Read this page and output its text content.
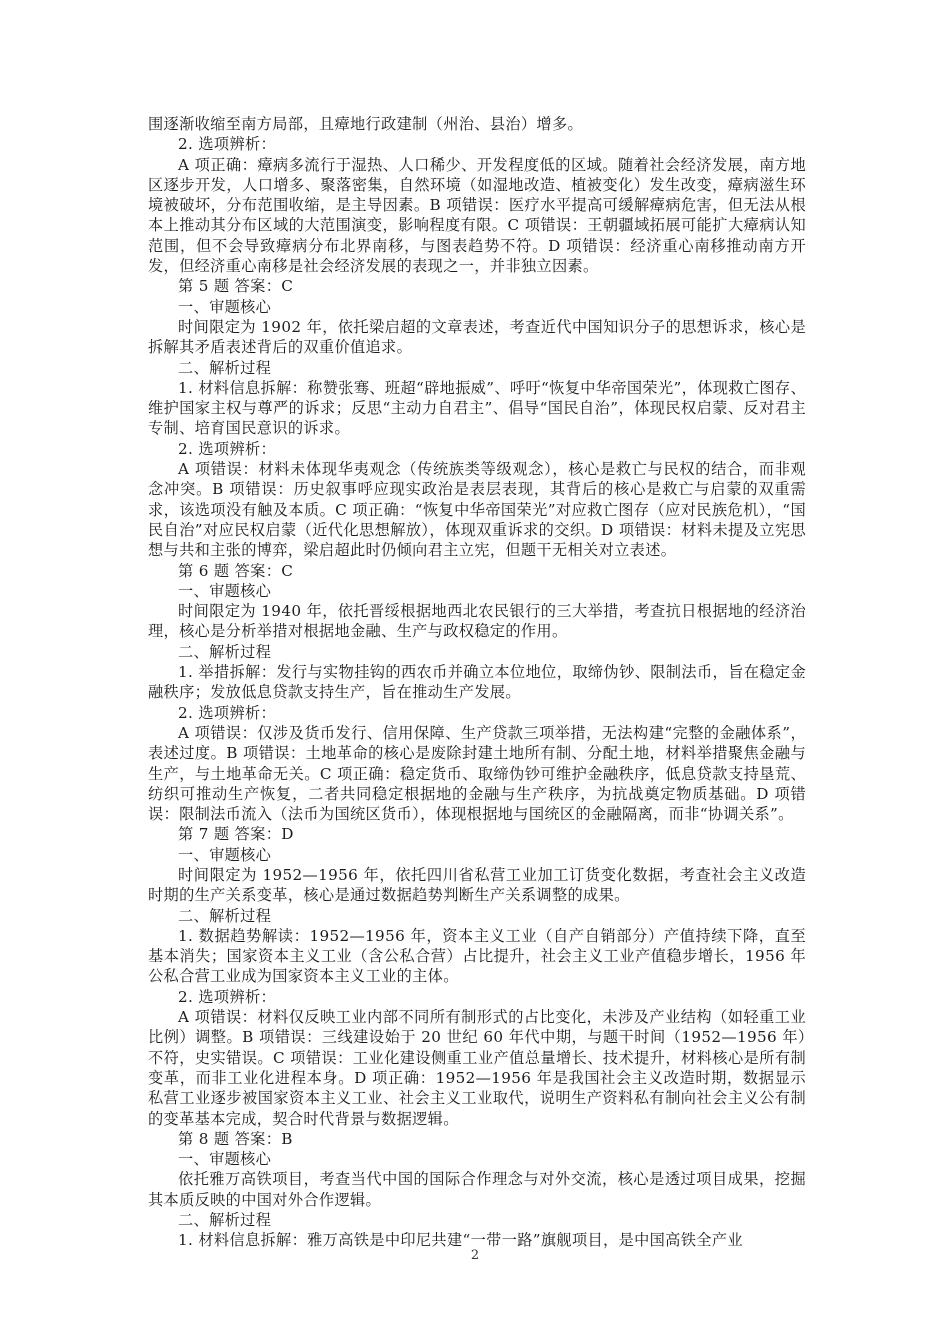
围逐渐收缩至南方局部，且瘴地行政建制（州治、县治）增多。

2. 选项辨析：

A 项正确：瘴病多流行于湿热、人口稀少、开发程度低的区域。随着社会经济发展，南方地区逐步开发，人口增多、聚落密集，自然环境（如湿地改造、植被变化）发生改变，瘴病滋生环境被破坏，分布范围收缩，是主导因素。B 项错误：医疗水平提高可缓解瘴病危害，但无法从根本上推动其分布区域的大范围演变，影响程度有限。C 项错误：王朝疆域拓展可能扩大瘴病认知范围，但不会导致瘴病分布北界南移，与图表趋势不符。D 项错误：经济重心南移推动南方开发，但经济重心南移是社会经济发展的表现之一，并非独立因素。

第 5 题 答案：C

一、审题核心

时间限定为 1902 年，依托梁启超的文章表述，考查近代中国知识分子的思想诉求，核心是拆解其矛盾表述背后的双重价值追求。

二、解析过程

1. 材料信息拆解：称赞张骞、班超“辟地振威”、呼吁“恢复中华帝国荣光”，体现救亡图存、维护国家主权与尊严的诉求；反思“主动力自君主”、倡导“国民自治”，体现民权启蒙、反对君主专制、培育国民意识的诉求。

2. 选项辨析：

A 项错误：材料未体现华夷观念（传统族类等级观念），核心是救亡与民权的结合，而非观念冲突。B 项错误：历史叙事呼应现实政治是表层表现，其背后的核心是救亡与启蒙的双重需求，该选项没有触及本质。C 项正确：“恢复中华帝国荣光”对应救亡图存（应对民族危机），“国民自治”对应民权启蒙（近代化思想解放），体现双重诉求的交织。D 项错误：材料未提及立宪思想与共和主张的博弈，梁启超此时仍倾向君主立宪，但题干无相关对立表述。

第 6 题 答案：C

一、审题核心

时间限定为 1940 年，依托晋绥根据地西北农民银行的三大举措，考查抗日根据地的经济治理，核心是分析举措对根据地金融、生产与政权稳定的作用。

二、解析过程

1. 举措拆解：发行与实物挂钩的西农币并确立本位地位，取缔伪钞、限制法币，旨在稳定金融秩序；发放低息贷款支持生产，旨在推动生产发展。

2. 选项辨析：

A 项错误：仅涉及货币发行、信用保障、生产贷款三项举措，无法构建“完整的金融体系”，表述过度。B 项错误：土地革命的核心是废除封建土地所有制、分配土地，材料举措聚焦金融与生产，与土地革命无关。C 项正确：稳定货币、取缔伪钞可维护金融秩序，低息贷款支持垦荒、纺织可推动生产恢复，二者共同稳定根据地的金融与生产秩序，为抗战奠定物质基础。D 项错误：限制法币流入（法币为国统区货币），体现根据地与国统区的金融隔离，而非“协调关系”。

第 7 题 答案：D

一、审题核心

时间限定为 1952—1956 年，依托四川省私营工业加工订货变化数据，考查社会主义改造时期的生产关系变革，核心是通过数据趋势判断生产关系调整的成果。

二、解析过程

1. 数据趋势解读：1952—1956 年，资本主义工业（自产自销部分）产值持续下降，直至基本消失；国家资本主义工业（含公私合营）占比提升，社会主义工业产值稳步增长，1956 年公私合营工业成为国家资本主义工业的主体。

2. 选项辨析：

A 项错误：材料仅反映工业内部不同所有制形式的占比变化，未涉及产业结构（如轻重工业比例）调整。B 项错误：三线建设始于 20 世纪 60 年代中期，与题干时间（1952—1956 年）不符，史实错误。C 项错误：工业化建设侧重工业产值总量增长、技术提升，材料核心是所有制变革，而非工业化进程本身。D 项正确：1952—1956 年是我国社会主义改造时期，数据显示私营工业逐步被国家资本主义工业、社会主义工业取代，说明生产资料私有制向社会主义公有制的变革基本完成，契合时代背景与数据逻辑。

第 8 题 答案：B

一、审题核心

依托雅万高铁项目，考查当代中国的国际合作理念与对外交流，核心是透过项目成果，挖掘其本质反映的中国对外合作逻辑。

二、解析过程

1. 材料信息拆解：雅万高铁是中印尼共建“一带一路”旗舰项目，是中国高铁全产业

2
